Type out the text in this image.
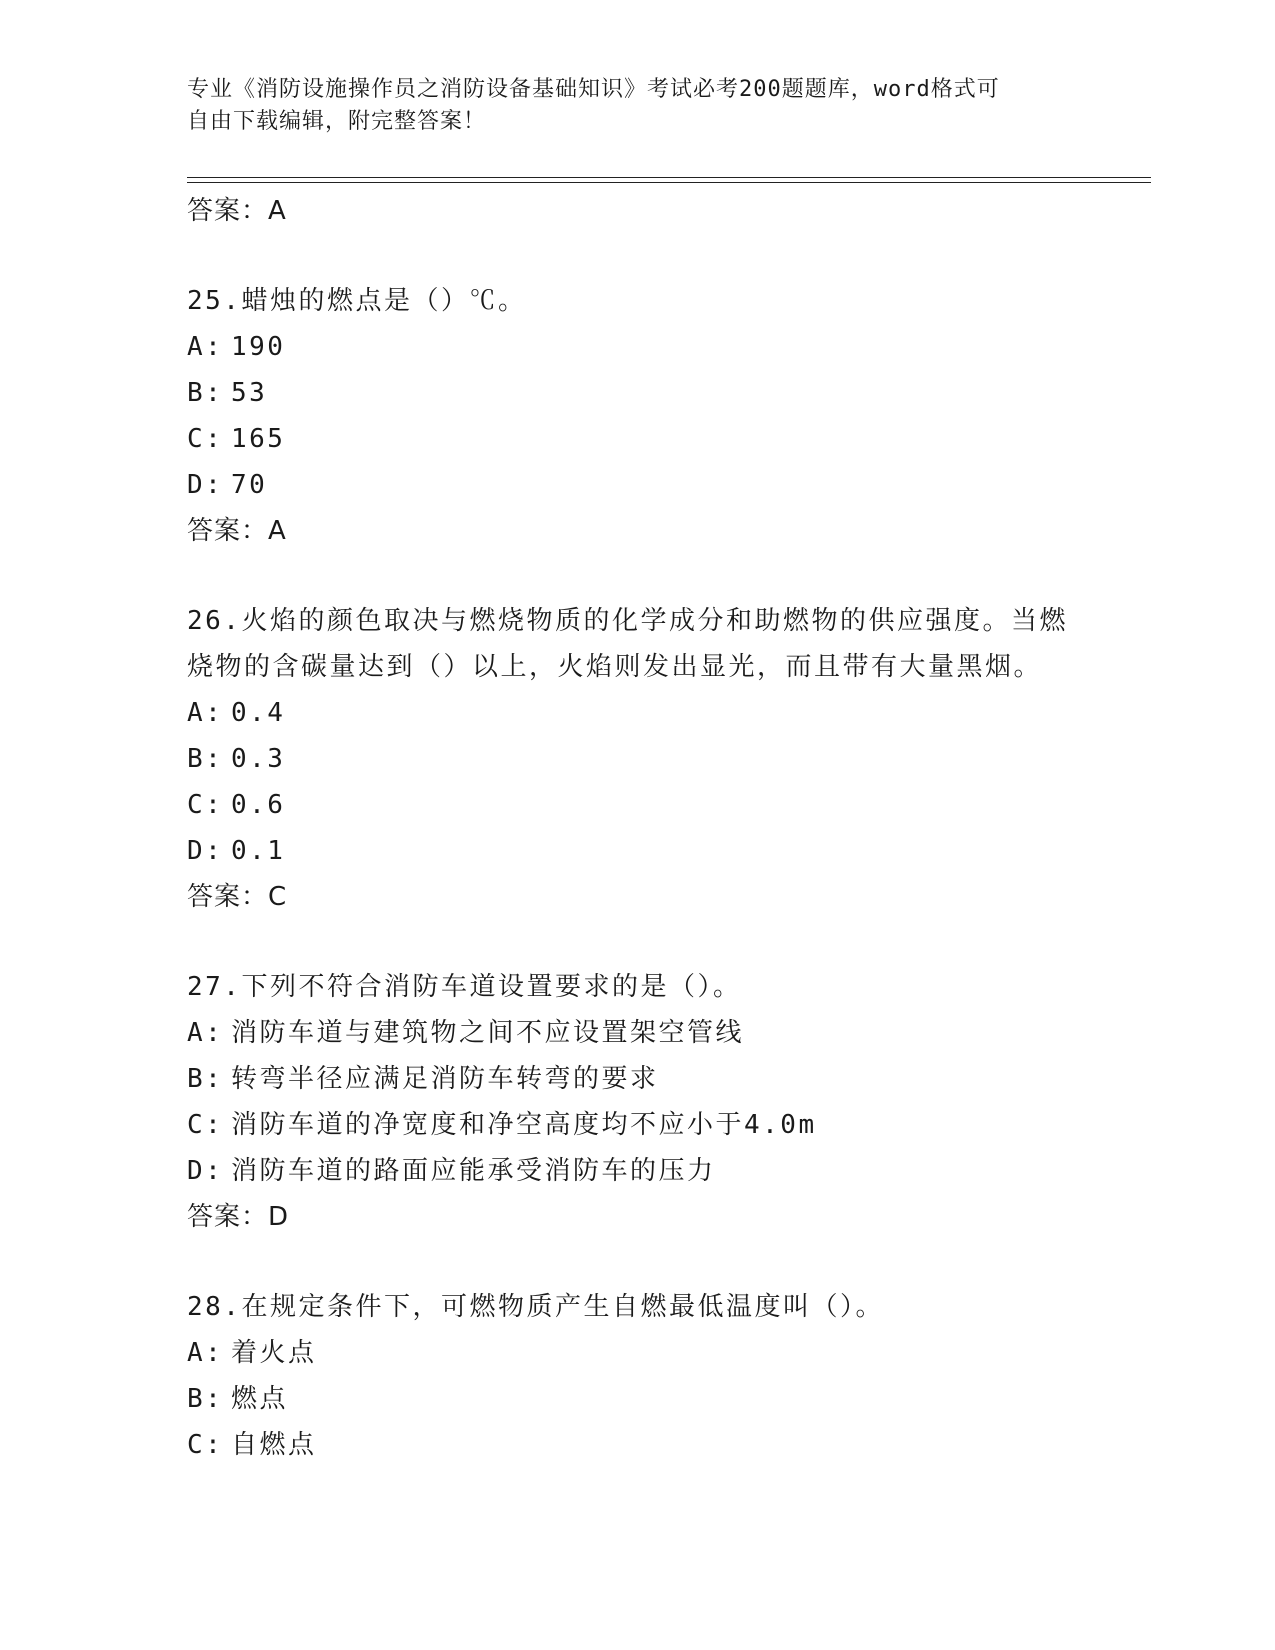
专业《消防设施操作员之消防设备基础知识》考试必考200题题库，word格式可
自由下载编辑，附完整答案！
答案：A
25.蜡烛的燃点是（）℃。
A: 190
B: 53
C: 165
D: 70
答案：A
26.火焰的颜色取决与燃烧物质的化学成分和助燃物的供应强度。当燃
烧物的含碳量达到（）以上，火焰则发出显光，而且带有大量黑烟。
A: 0.4
B: 0.3
C: 0.6
D: 0.1
答案：C
27.下列不符合消防车道设置要求的是（）。
A: 消防车道与建筑物之间不应设置架空管线
B: 转弯半径应满足消防车转弯的要求
C: 消防车道的净宽度和净空高度均不应小于4.0m
D: 消防车道的路面应能承受消防车的压力
答案：D
28.在规定条件下，可燃物质产生自燃最低温度叫（）。
A: 着火点
B: 燃点
C: 自燃点
